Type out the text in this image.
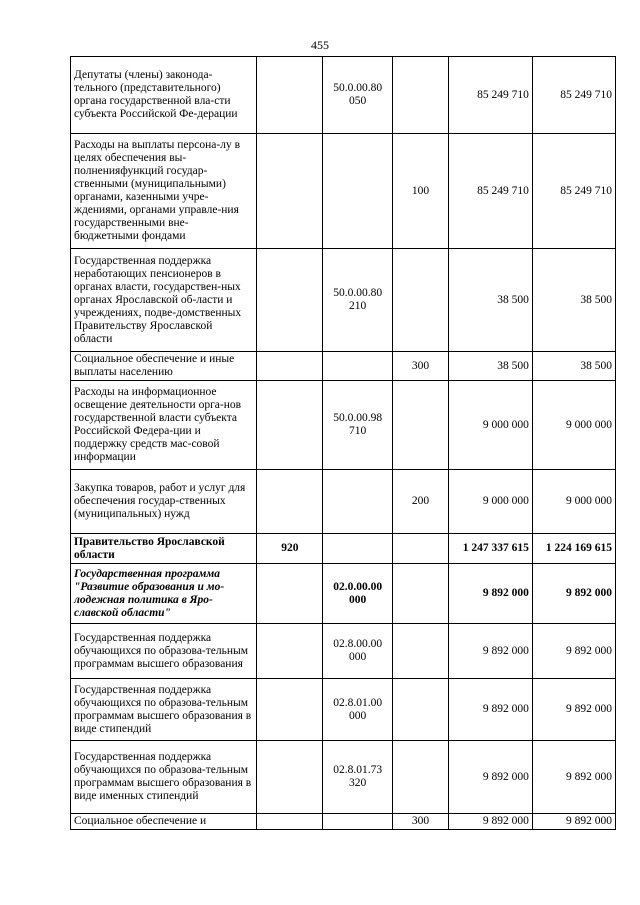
455
Депутаты (члены) законода-тельного (представительного) органа государственной вла-сти субъекта Российской Фе-дерации		50.0.00.80 050		85 249 710	85 249 710
Расходы на выплаты персона-лу в целях обеспечения вы-полненияфункций государ-ственными (муниципальными) органами, казенными учре-ждениями, органами управле-ния государственными вне-бюджетными фондами			100	85 249 710	85 249 710
Государственная поддержка неработающих пенсионеров в органах власти, государствен-ных органах Ярославской об-ласти и учреждениях, подве-домственных Правительству Ярославской области		50.0.00.80 210		38 500	38 500
Социальное обеспечение и иные выплаты населению			300	38 500	38 500
Расходы на информационное освещение деятельности орга-нов государственной власти субъекта Российской Федера-ции и поддержку средств мас-совой информации		50.0.00.98 710		9 000 000	9 000 000
Закупка товаров, работ и услуг для обеспечения государ-ственных (муниципальных) нужд			200	9 000 000	9 000 000
Правительство Ярославской области	920			1 247 337 615	1 224 169 615
Государственная программа "Развитие образования и мо-лодежная политика в Яро-славской области"		02.0.00.00 000		9 892 000	9 892 000
Государственная поддержка обучающихся по образова-тельным программам высшего образования		02.8.00.00 000		9 892 000	9 892 000
Государственная поддержка обучающихся по образова-тельным программам высшего образования в виде стипендий		02.8.01.00 000		9 892 000	9 892 000
Государственная поддержка обучающихся по образова-тельным программам высшего образования в виде именных стипендий		02.8.01.73 320		9 892 000	9 892 000
Социальное обеспечение и			300	9 892 000	9 892 000
